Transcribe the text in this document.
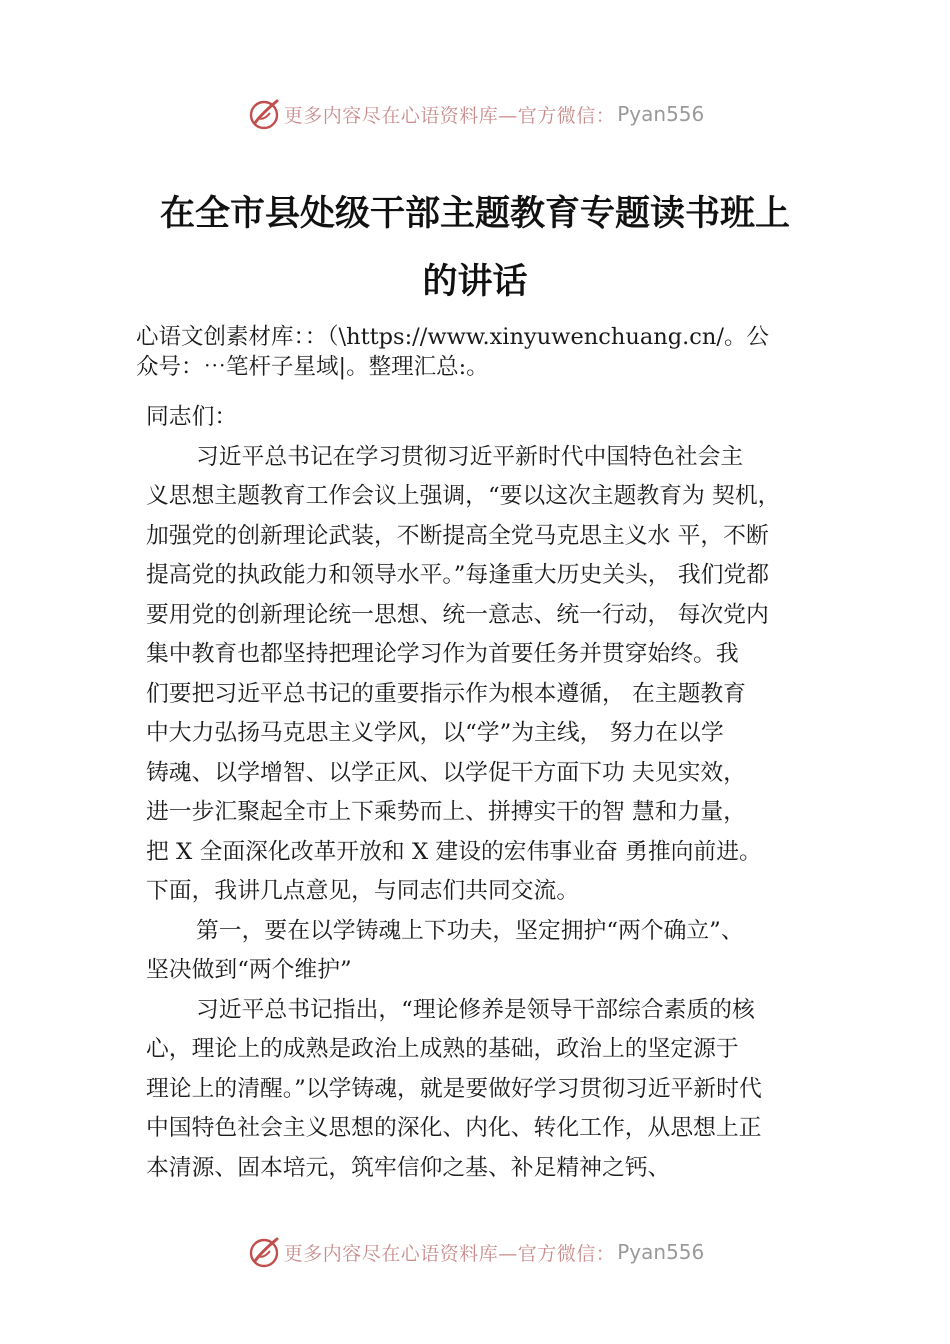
更多内容尽在心语资料库—官方微信： Pyan556
在全市县处级干部主题教育专题读书班上
的讲话
心语文创素材库：：（\https://www.xinyuwenchuang.cn/。公
众号：⋯笔杆子星域|。整理汇总:。
同志们：
习近平总书记在学习贯彻习近平新时代中国特色社会主
义思想主题教育工作会议上强调，“要以这次主题教育为 契机，
加强党的创新理论武装，不断提高全党马克思主义水 平，不断
提高党的执政能力和领导水平。”每逢重大历史关头， 我们党都
要用党的创新理论统一思想、统一意志、统一行动， 每次党内
集中教育也都坚持把理论学习作为首要任务并贯穿始终。我
们要把习近平总书记的重要指示作为根本遵循， 在主题教育
中大力弘扬马克思主义学风，以“学”为主线， 努力在以学
铸魂、以学增智、以学正风、以学促干方面下功 夫见实效，
进一步汇聚起全市上下乘势而上、拼搏实干的智 慧和力量，
把 X 全面深化改革开放和 X 建设的宏伟事业奋 勇推向前进。
下面，我讲几点意见，与同志们共同交流。
第一，要在以学铸魂上下功夫，坚定拥护“两个确立”、
坚决做到“两个维护”
习近平总书记指出，“理论修养是领导干部综合素质的核
心，理论上的成熟是政治上成熟的基础，政治上的坚定源于
理论上的清醒。”以学铸魂，就是要做好学习贯彻习近平新时代
中国特色社会主义思想的深化、内化、转化工作，从思想上正
本清源、固本培元，筑牢信仰之基、补足精神之钙、
更多内容尽在心语资料库—官方微信： Pyan556
